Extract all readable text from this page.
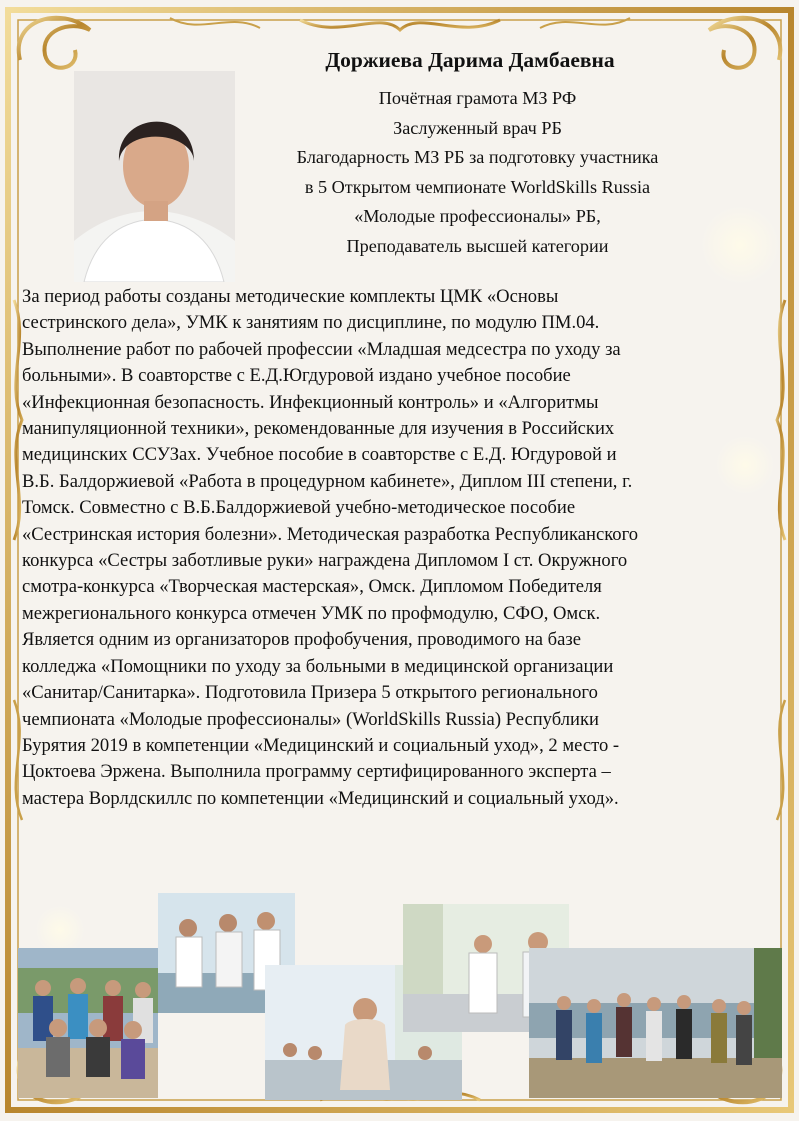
Доржиева Дарима Дамбаевна
Почётная грамота МЗ РФ
Заслуженный врач РБ
Благодарность МЗ РБ за подготовку участника
в 5 Открытом чемпионате WorldSkills Russia
«Молодые профессионалы» РБ,
Преподаватель высшей категории
За период работы созданы методические комплекты ЦМК «Основы
сестринского дела», УМК к занятиям по дисциплине, по модулю ПМ.04.
Выполнение работ по рабочей профессии «Младшая медсестра по уходу за
больными». В соавторстве с Е.Д.Югдуровой издано учебное пособие
«Инфекционная безопасность. Инфекционный контроль» и «Алгоритмы
манипуляционной техники», рекомендованные для изучения в Российских
медицинских ССУЗах. Учебное пособие в соавторстве с Е.Д. Югдуровой и
В.Б. Балдоржиевой «Работа в процедурном кабинете», Диплом III степени, г.
Томск. Совместно с В.Б.Балдоржиевой учебно-методическое пособие
«Сестринская история болезни». Методическая разработка Республиканского
конкурса «Сестры заботливые руки» награждена Дипломом I ст. Окружного
смотра-конкурса «Творческая мастерская», Омск. Дипломом Победителя
межрегионального конкурса отмечен УМК по профмодулю, СФО, Омск.
Является одним из организаторов профобучения, проводимого на базе
колледжа «Помощники по уходу за больными в медицинской организации
«Санитар/Санитарка». Подготовила Призера 5 открытого регионального
чемпионата «Молодые профессионалы» (WorldSkills Russia) Республики
Бурятия 2019 в компетенции «Медицинский и социальный уход», 2 место -
Цоктоева Эржена. Выполнила программу сертифицированного эксперта –
мастера Ворлдскиллс по компетенции «Медицинский и социальный уход».
